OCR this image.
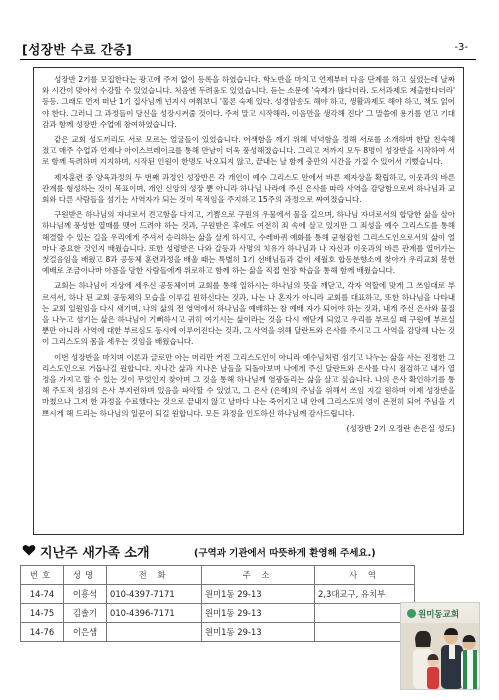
[성장반 수료 간증]	-3-

성장반 2기를 모집한다는 광고에 주저 없이 등록을 하였습니다. 학노반을 마치고 언제부터 다음 단계를 하고 싶었는데 날짜와 시간이 맞아서 수강할 수 있었습니다. 처음엔 두려움도 있었습니다. 듣는 소문에 '숙제가 많다더라. 도서과제도 제출한다더라' 등등. 그래도 먼저 떠난 1기 집사님께 넌지시 여쭤보니 '물론 숙제 있다. 성경암송도 해야 하고, 생활과제도 해야 하고, 책도 읽어야 한다. 그러니 그 과정들이 당신을 성장시켜줄 것이다. 주저 말고 시작해라. 이음만을 생각해 진다' 그 말씀에 용기를 얻고 기대감과 함께 성장반 수업에 참여하였습니다.

같은 교회 성도끼리도 서로 모르는 얼굴들이 있었습니다. 어색함을 깨기 위해 넉넉함을 정해 서로를 소개하며 한달 친숙해 졌고 매주 수업과 언제나 아이스브레이크를 통해 만남이 더욱 풍성해졌습니다. 그리고 저까지 모두 8명이 성장반을 시작하여 서로 함께 독려하며 지지하며, 시작된 인원이 한명도 낙오되지 않고, 끝내는 날 함께 충만의 시간을 가질 수 있어서 기뻤습니다.

제자훈련 중 양육과정의 두 번째 과정인 성장반은 각 개인이 예수 그리스도 안에서 바른 제자상을 확립하고, 이웃과의 바른 관계를 형성하는 것이 목표이며, 개인 신앙의 성장 뿐 아니라 하나님 나라에 주신 은사를 따라 사역을 감당함으로써 하나님과 교회와 다른 사람들을 섬기는 사역자가 되는 것이 목적임을 주지하고 15주의 과정으로 짜여졌습니다.

구원받은 하나님의 자녀로서 견고함을 다지고, 기쁨으로 구원의 우물에서 물을 길으며, 하나님 자녀로서의 합당한 삶을 살아 하나님께 풍성한 열매를 맺어 드려야 하는 것과, 구원받은 후에도 여전히 죄 속에 살고 있지만 그 죄성을 예수 그리스도를 통해 해결할 수 있는 길을 우리에게 주셔서 승리하는 삶을 살게 하시고, 수레바퀴 예화를 통해 균형잡힌 그리스도인으로서의 삶이 얼마나 중요한 것인지 배웠습니다. 또한 성령받은 나와 갈등과 사명의 치유가 하나님과 나 자신과 이웃과의 바른 관계를 열어가는 첫걸음임을 배웠고 8과 공동체 훈련과정을 배울 때는 특별히 1기 선배님들과 같이 세월호 합동분향소에 찾아가 우리교회 봉헌예배로 조금이나마 아픔을 당한 사람들에게 위로하고 함께 하는 삶을 직접 현장 학습을 통해 함께 배웠습니다.

교회는 하나님이 지상에 세우신 공동체이며 교회를 통해 일하시는 하나님의 뜻을 깨닫고, 각자 역할에 맞게 그 쓰임대로 부르셔서, 하나 된 교회 공동체의 모습을 이루길 원하신다는 것과, 나는 나 혼자가 아니라 교회를 대표하고, 또한 하나님을 나타내는 교회 일원임을 다시 새기며, 나의 삶의 전 영역에서 하나님을 예배하는 참 예배 자가 되어야 하는 것과, 내게 주신 은사와 물질을 나누고 섬기는 삶은 하나님이 기뻐하시고 귀히 여기시는 삶이라는 것을 다시 깨닫게 되었고 우리를 부르실 때 구원에 부르실 뿐만 아니라 사역에 대한 부르심도 동시에 이루어진다는 것과, 그 사역을 위해 달란트와 은사를 주시고 그 사역을 감당해 나는 것이 그리스도의 몸을 세우는 것임을 배웠습니다.

이번 성장반을 마치며 이론과 글로만 아는 머리만 커진 그리스도인이 아니라 예수님처럼 섬기고 나누는 삶을 사는 진정한 그리스도인으로 거듭나길 원합니다. 지나간 삶과 지나온 날들을 되돌아보며 나에게 주신 달란트와 은사를 다시 점검하고 내가 열정을 가지고 할 수 있는 것이 무엇인지 찾아며 그 것을 통해 하나님께 영광돌리는 삶을 살고 싶습니다. 나의 은사 확인하기를 통해 주도적 섬김의 은사 부지런하며 있음을 파악할 수 있었고, 그 은사 (은혜)의 주님을 위해서 쓰임 지길 원하며 이제 성장반을 마쳤으나 그저 한 과정을 수료했다는 것으로 끝내지 않고 날마다 나는 죽어지고 내 안에 그리스도의 영이 온전히 되어 주님을 기쁘시게 해 드리는 하나님의 일꾼이 되길 원합니다. 모든 과정을 인도하신 하나님께 감사드립니다.

(성장반 2기 오정란 손은실 성도)

지난주 새가족 소개	(구역과 기관에서 따뜻하게 환영해 주세요.)
번호	성명	전 화	주 소	사 역
14-74	이흥석	010-4397-7171	원미1동 29-13	2,3대교구, 유치부
14-75	김솔기	010-4396-7171	원미1동 29-13	
14-76	이은샘		원미1동 29-13	
원미동교회
